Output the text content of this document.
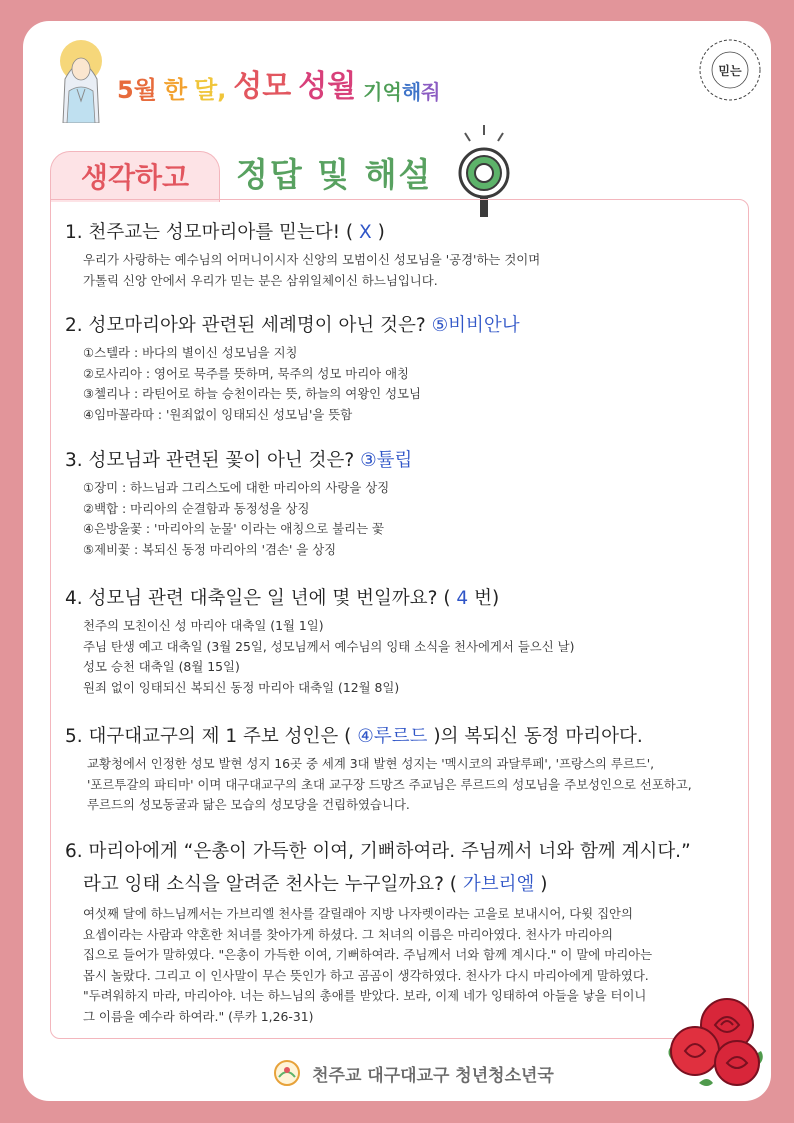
5월 한 달, 성모 성월 기억해줘
믿는
생각하고	정답 및 해설
1. 천주교는 성모마리아를 믿는다! ( X )
우리가 사랑하는 예수님의 어머니이시자 신앙의 모범이신 성모님을 '공경'하는 것이며
가톨릭 신앙 안에서 우리가 믿는 분은 삼위일체이신 하느님입니다.
2. 성모마리아와 관련된 세례명이 아닌 것은? ⑤비비안나
①스텔라 : 바다의 별이신 성모님을 지칭
②로사리아 : 영어로 묵주를 뜻하며, 묵주의 성모 마리아 애칭
③첼리나 : 라틴어로 하늘 승천이라는 뜻, 하늘의 여왕인 성모님
④임마꼴라따 : '원죄없이 잉태되신 성모님'을 뜻함
3. 성모님과 관련된 꽃이 아닌 것은? ③튤립
①장미 : 하느님과 그리스도에 대한 마리아의 사랑을 상징
②백합 : 마리아의 순결함과 동정성을 상징
④은방울꽃 : '마리아의 눈물' 이라는 애칭으로 불리는 꽃
⑤제비꽃 : 복되신 동정 마리아의 '겸손' 을 상징
4. 성모님 관련 대축일은 일 년에 몇 번일까요? ( 4 번)
천주의 모친이신 성 마리아 대축일 (1월 1일)
주님 탄생 예고 대축일 (3월 25일, 성모님께서 예수님의 잉태 소식을 천사에게서 들으신 날)
성모 승천 대축일 (8월 15일)
원죄 없이 잉태되신 복되신 동정 마리아 대축일 (12월 8일)
5. 대구대교구의 제 1 주보 성인은 ( ④루르드 )의 복되신 동정 마리아다.
교황청에서 인정한 성모 발현 성지 16곳 중 세계 3대 발현 성지는 '멕시코의 과달루페', '프랑스의 루르드',
'포르투갈의 파티마' 이며 대구대교구의 초대 교구장 드망즈 주교님은 루르드의 성모님을 주보성인으로 선포하고,
루르드의 성모동굴과 닮은 모습의 성모당을 건립하였습니다.
6. 마리아에게 “은총이 가득한 이여, 기뻐하여라. 주님께서 너와 함께 계시다.”
라고 잉태 소식을 알려준 천사는 누구일까요? ( 가브리엘 )
여섯째 달에 하느님께서는 가브리엘 천사를 갈릴래아 지방 나자렛이라는 고을로 보내시어, 다윗 집안의
요셉이라는 사람과 약혼한 처녀를 찾아가게 하셨다. 그 처녀의 이름은 마리아였다. 천사가 마리아의
집으로 들어가 말하였다. "은총이 가득한 이여, 기뻐하여라. 주님께서 너와 함께 계시다." 이 말에 마리아는
몹시 놀랐다. 그리고 이 인사말이 무슨 뜻인가 하고 곰곰이 생각하였다. 천사가 다시 마리아에게 말하였다.
"두려워하지 마라, 마리아야. 너는 하느님의 총애를 받았다. 보라, 이제 네가 잉태하여 아들을 낳을 터이니
그 이름을 예수라 하여라." (루카 1,26-31)
천주교 대구대교구 청년청소년국
